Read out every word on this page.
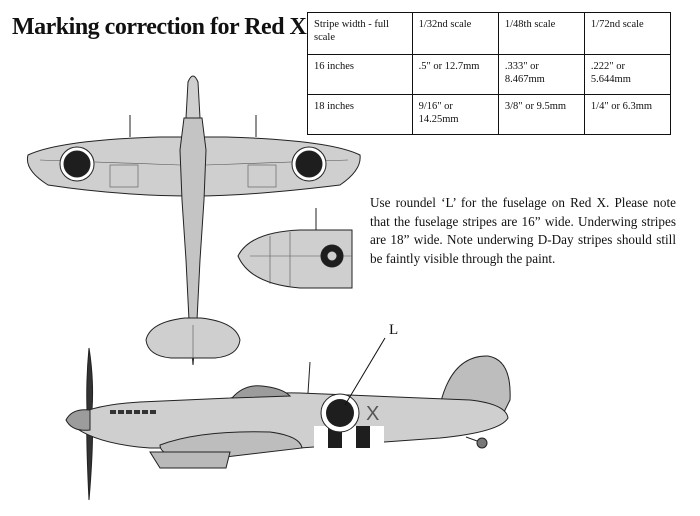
Marking correction for Red X Stripe width - full scale	1/32nd scale	1/48th scale	1/72nd scale
16 inches	.5" or 12.7mm	.333" or 8.467mm	.222" or 5.644mm
18 inches	9/16" or 14.25mm	3/8" or 9.5mm	1/4" or 6.3mm
X
L
Use roundel ‘L’ for the fuselage on Red X. Please note that the fuselage stripes are 16” wide. Underwing stripes are 18” wide. Note underwing D-Day stripes should still be faintly visible through the paint.
